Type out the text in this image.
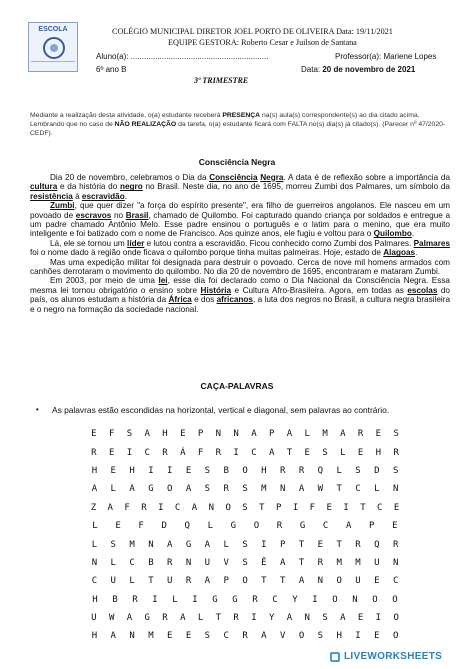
ESCOLA	COLÉGIO MUNICIPAL DIRETOR JOEL PORTO DE OLIVEIRA Data: 19/11/2021
EQUIPE GESTORA: Roberto Cesar e Juilson de Santana
Aluno(a): ..............................................................	Professor(a): Mariene Lopes
6º ano B	Data: 20 de novembro de 2021
3º TRIMESTRE
Mediante a realização desta atividade, o(a) estudante receberá PRESENÇA na(s) aula(s) correspondente(s) ao dia citado acima. Lembrando que no caso de NÃO REALIZAÇÃO da tarefa, o(a) estudante ficará com FALTA no(s) dia(s) já citado(s). (Parecer nº 47/2020-CEDF).
Consciência Negra

Dia 20 de novembro, celebramos o Dia da Consciência Negra. A data é de reflexão sobre a importância da cultura e da história do negro no Brasil. Neste dia, no ano de 1695, morreu Zumbi dos Palmares, um símbolo da resistência à escravidão.

Zumbi, que quer dizer "a força do espírito presente", era filho de guerreiros angolanos. Ele nasceu em um povoado de escravos no Brasil, chamado de Quilombo. Foi capturado quando criança por soldados e entregue a um padre chamado Antônio Melo. Esse padre ensinou o português e o latim para o menino, que era muito inteligente e foi batizado com o nome de Francisco. Aos quinze anos, ele fugiu e voltou para o Quilombo.

Lá, ele se tornou um líder e lutou contra a escravidão. Ficou conhecido como Zumbi dos Palmares. Palmares foi o nome dado à região onde ficava o quilombo porque tinha muitas palmeiras. Hoje, estado de Alagoas.

Mas uma expedição militar foi designada para destruir o povoado. Cerca de nove mil homens armados com canhões derrotaram o movimento do quilombo. No dia 20 de novembro de 1695, encontraram e mataram Zumbi.

Em 2003, por meio de uma lei, esse dia foi declarado como o Dia Nacional da Consciência Negra. Essa mesma lei tornou obrigatório o ensino sobre História e Cultura Afro-Brasileira. Agora, em todas as escolas do país, os alunos estudam a história da África e dos africanos, a luta dos negros no Brasil, a cultura negra brasileira e o negro na formação da sociedade nacional.

CAÇA-PALAVRAS
• As palavras estão escondidas na horizontal, vertical e diagonal, sem palavras ao contrário.
E	F	S	A	H	E	P	N	N	A	P	A	L	M	A	R	E	S
R	E	I	C	R	Á	F	R	I	C	A	T	E	S	L	E	H	R
H	E	H	I	I	E	S	B	O	H	R	R	Q	L	S	D	S
A	L	A	G	O	A	S	R	S	M	N	A	W	T	C	L	N
Z	A	F	R	I	C	A	N	O	S	T	P	I	F	E	I	T	C	E
L	E	F	D	Q	L	G	O	R	G	C	A	P	E
L	S	M	N	A	G	A	L	S	I	P	T	E	T	R	Q	R
N	L	C	B	R	N	U	V	S	Ê	A	T	R	M	M	U	N
C	U	L	T	U	R	A	P	O	T	T	A	N	O	U	E	C
H	B	R	I	L	I	G	G	R	C	Y	I	O	N	O	O
U	W	A	G	R	A	L	T	R	I	Y	A	N	S	A	E	I	O
H	A	N	M	E	E	S	C	R	A	V	O	S	H	I	E	O
LIVEWORKSHEETS
